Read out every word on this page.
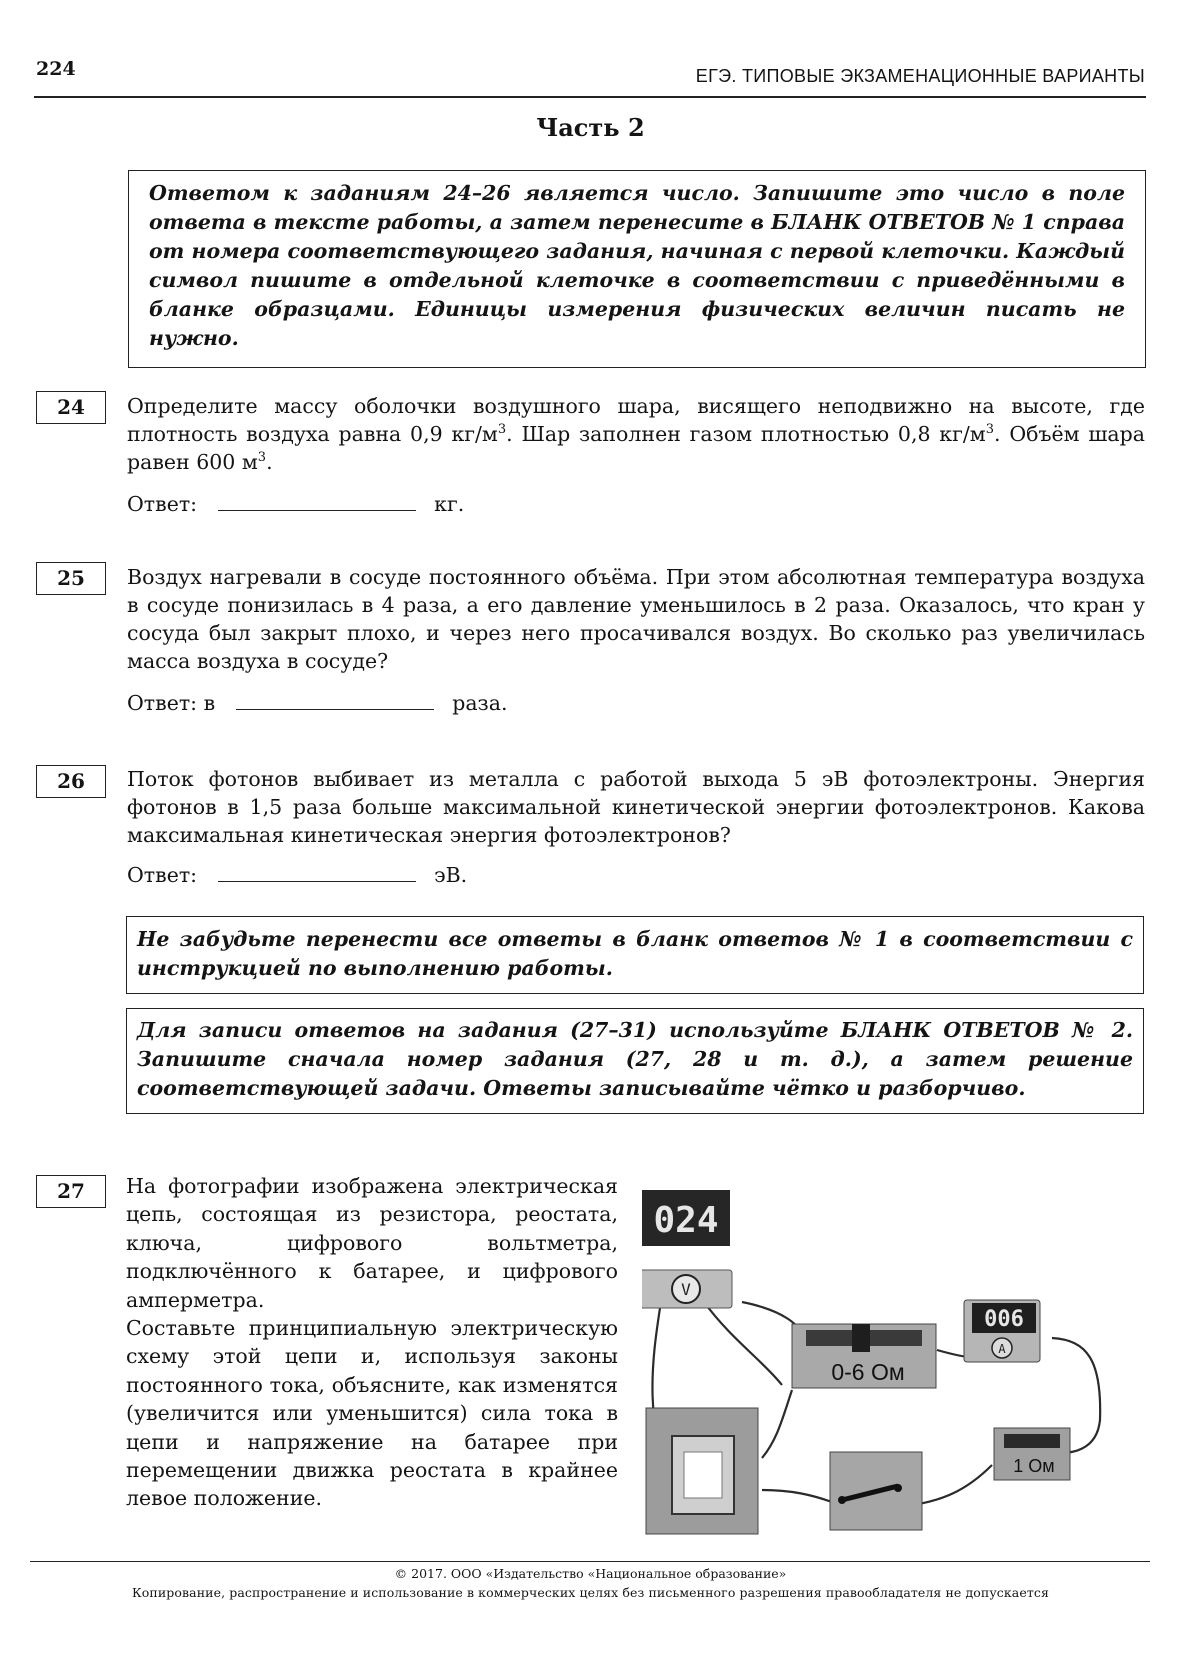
224	ЕГЭ. ТИПОВЫЕ ЭКЗАМЕНАЦИОННЫЕ ВАРИАНТЫ
Часть 2
Ответом к заданиям 24–26 является число. Запишите это число в поле ответа в тексте работы, а затем перенесите в БЛАНК ОТВЕТОВ № 1 справа от номера соответствующего задания, начиная с первой клеточки. Каждый символ пишите в отдельной клеточке в соответствии с приведёнными в бланке образцами. Единицы измерения физических величин писать не нужно.
24	Определите массу оболочки воздушного шара, висящего неподвижно на высоте, где плотность воздуха равна 0,9 $кг/м^3$. Шар заполнен газом плотностью 0,8 $кг/м^3$. Объём шара равен 600 $м^3$.
Ответ:	кг.
25	Воздух нагревали в сосуде постоянного объёма. При этом абсолютная температура воздуха в сосуде понизилась в 4 раза, а его давление уменьшилось в 2 раза. Оказалось, что кран у сосуда был закрыт плохо, и через него просачивался воздух. Во сколько раз увеличилась масса воздуха в сосуде?
Ответ: в	раза.
26	Поток фотонов выбивает из металла с работой выхода 5 эВ фотоэлектроны. Энергия фотонов в 1,5 раза больше максимальной кинетической энергии фотоэлектронов. Какова максимальная кинетическая энергия фотоэлектронов?
Ответ:	эВ.
Не забудьте перенести все ответы в бланк ответов № 1 в соответствии с инструкцией по выполнению работы.
Для записи ответов на задания (27–31) используйте БЛАНК ОТВЕТОВ № 2. Запишите сначала номер задания (27, 28 и т. д.), а затем решение соответствующей задачи. Ответы записывайте чётко и разборчиво.
27	На фотографии изображена электрическая цепь, состоящая из резистора, реостата, ключа, цифрового вольтметра, подключённого к батарее, и цифрового амперметра.
Составьте принципиальную электрическую схему этой цепи и, используя законы постоянного тока, объясните, как изменятся (увеличится или уменьшится) сила тока в цепи и напряжение на батарее при перемещении движка реостата в крайнее левое положение.
024
V
0-6 Ом
006
A
1 Ом
© 2017. ООО «Издательство «Национальное образование»
Копирование, распространение и использование в коммерческих целях без письменного разрешения правообладателя не допускается
